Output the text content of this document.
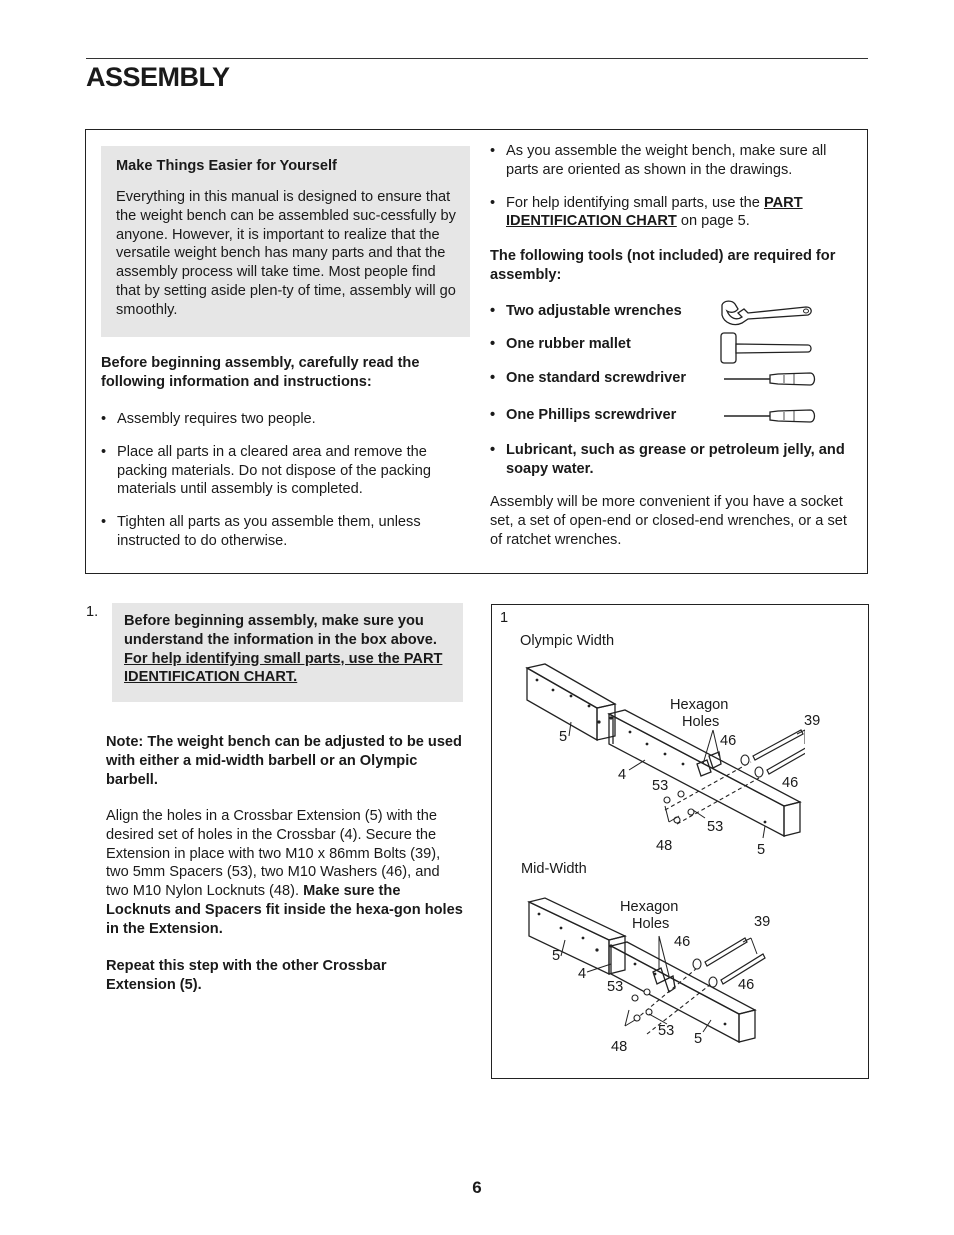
ASSEMBLY
Make Things Easier for Yourself
Everything in this manual is designed to ensure that the weight bench can be assembled suc-cessfully by anyone. However, it is important to realize that the versatile weight bench has many parts and that the assembly process will take time. Most people find that by setting aside plen-ty of time, assembly will go smoothly.
Before beginning assembly, carefully read the following information and instructions:
• Assembly requires two people.
• Place all parts in a cleared area and remove the packing materials. Do not dispose of the packing materials until assembly is completed.
• Tighten all parts as you assemble them, unless instructed to do otherwise.
• As you assemble the weight bench, make sure all parts are oriented as shown in the drawings.
• For help identifying small parts, use the PART IDENTIFICATION CHART on page 5.
The following tools (not included) are required for assembly:
• Two adjustable wrenches
• One rubber mallet
• One standard screwdriver
• One Phillips screwdriver
• Lubricant, such as grease or petroleum jelly, and soapy water.
Assembly will be more convenient if you have a socket set, a set of open-end or closed-end wrenches, or a set of ratchet wrenches.
1.
Before beginning assembly, make sure you understand the information in the box above.  For help identifying small parts, use the PART IDENTIFICATION CHART.
Note: The weight bench can be adjusted to be used with either a mid-width barbell or an Olympic barbell.
Align the holes in a Crossbar Extension (5) with the desired set of holes in the Crossbar (4). Secure the Extension in place with two M10 x 86mm Bolts (39), two 5mm Spacers (53), two M10 Washers (46), and two M10 Nylon Locknuts (48). Make sure the Locknuts and Spacers fit inside the hexa-gon holes in the Extension.
Repeat this step with the other Crossbar Extension (5).
1
Olympic Width
Hexagon
Holes	39
46
5
46
4
53
53
48	5
Mid-Width
Hexagon
Holes	39
46
5
4
46
53
53 5
48
6
